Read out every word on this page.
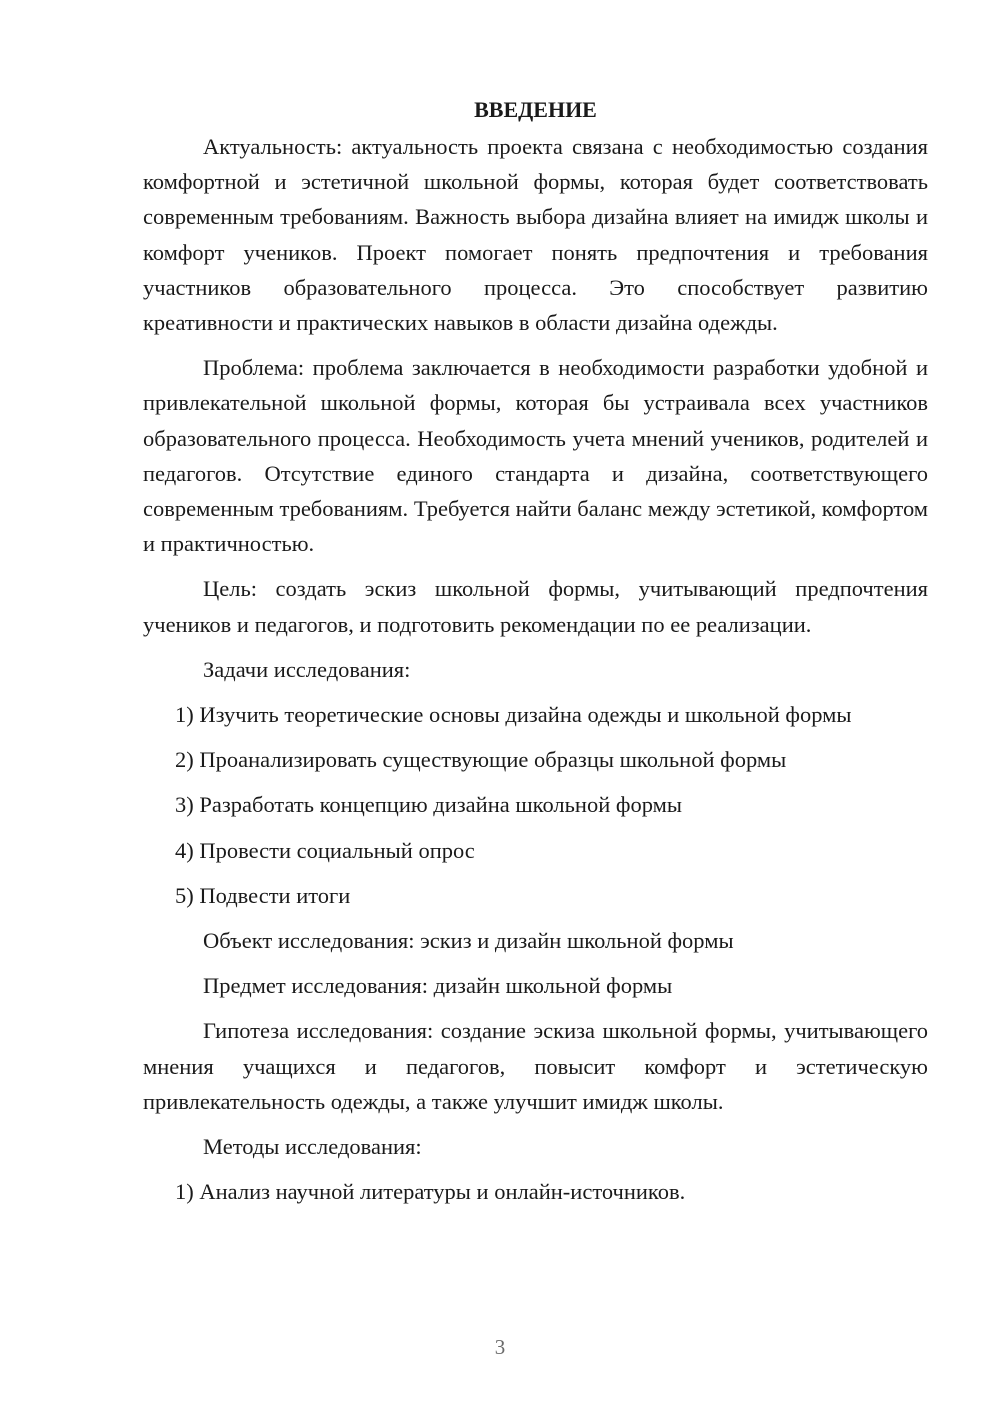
ВВЕДЕНИЕ

Актуальность: актуальность проекта связана с необходимостью создания комфортной и эстетичной школьной формы, которая будет соответствовать современным требованиям. Важность выбора дизайна влияет на имидж школы и комфорт учеников. Проект помогает понять предпочтения и требования участников образовательного процесса. Это способствует развитию креативности и практических навыков в области дизайна одежды.

Проблема: проблема заключается в необходимости разработки удобной и привлекательной школьной формы, которая бы устраивала всех участников образовательного процесса. Необходимость учета мнений учеников, родителей и педагогов. Отсутствие единого стандарта и дизайна, соответствующего современным требованиям. Требуется найти баланс между эстетикой, комфортом и практичностью.

Цель: создать эскиз школьной формы, учитывающий предпочтения учеников и педагогов, и подготовить рекомендации по ее реализации.

Задачи исследования:

1) Изучить теоретические основы дизайна одежды и школьной формы

2) Проанализировать существующие образцы школьной формы

3) Разработать концепцию дизайна школьной формы

4) Провести социальный опрос

5) Подвести итоги

Объект исследования: эскиз и дизайн школьной формы

Предмет исследования: дизайн школьной формы

Гипотеза исследования: создание эскиза школьной формы, учитывающего мнения учащихся и педагогов, повысит комфорт и эстетическую привлекательность одежды, а также улучшит имидж школы.

Методы исследования:

1) Анализ научной литературы и онлайн-источников.

3
